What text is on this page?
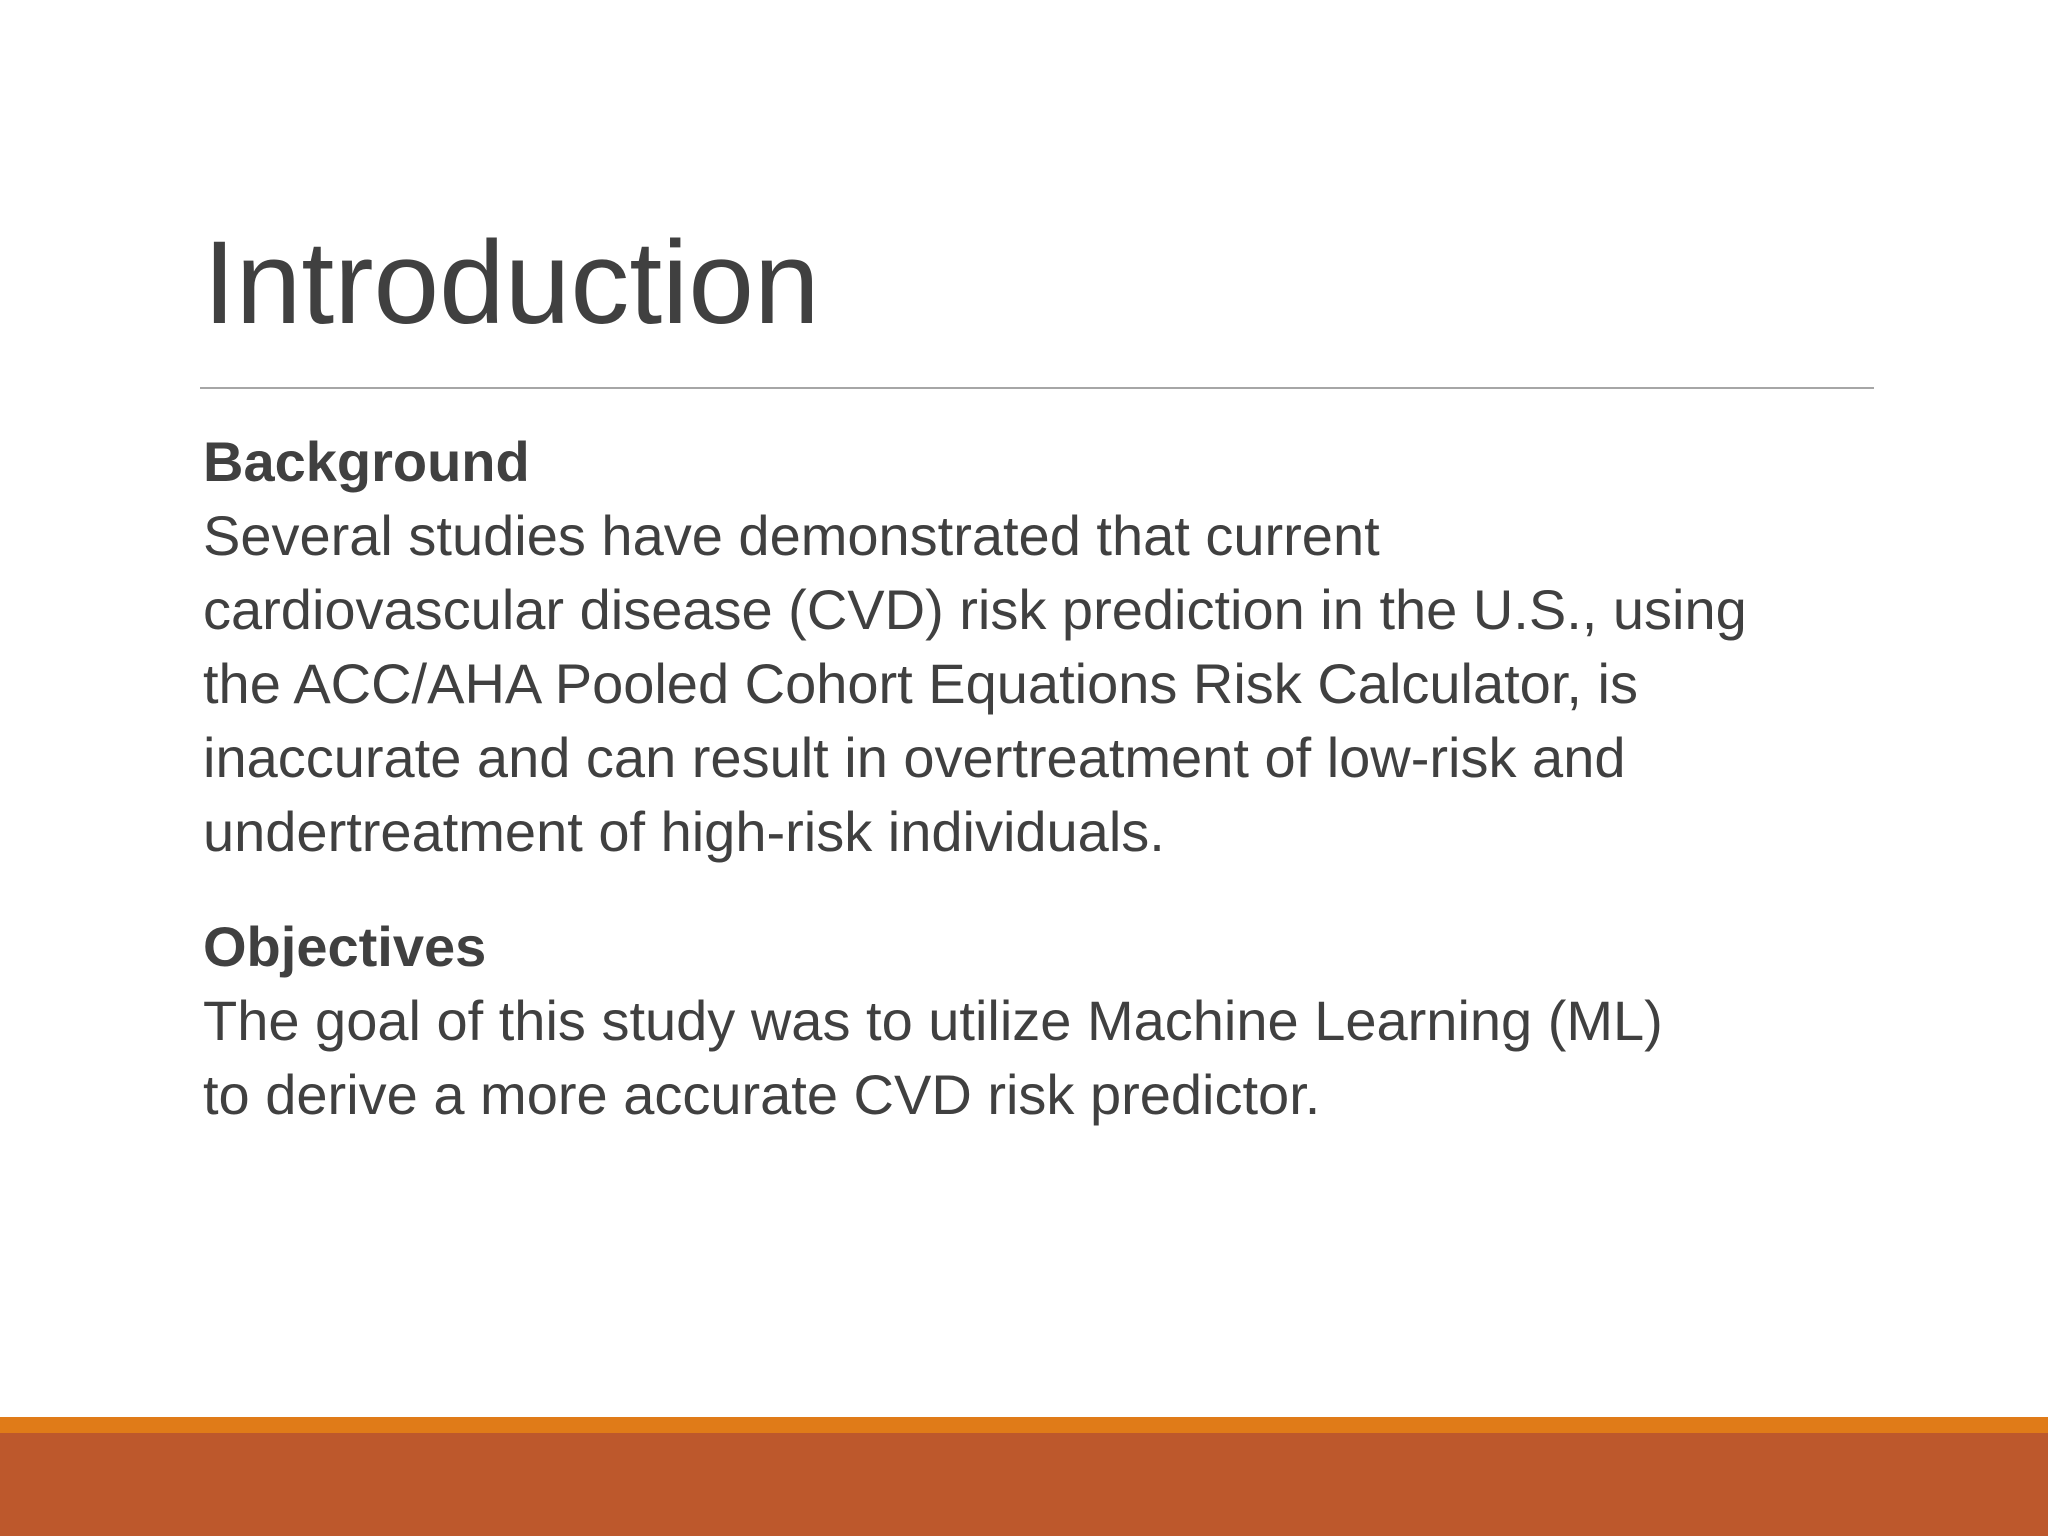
Introduction

Background

Several studies have demonstrated that current

cardiovascular disease (CVD) risk prediction in the U.S., using

the ACC/AHA Pooled Cohort Equations Risk Calculator, is

inaccurate and can result in overtreatment of low-risk and

undertreatment of high-risk individuals.

Objectives

The goal of this study was to utilize Machine Learning (ML)

to derive a more accurate CVD risk predictor.
